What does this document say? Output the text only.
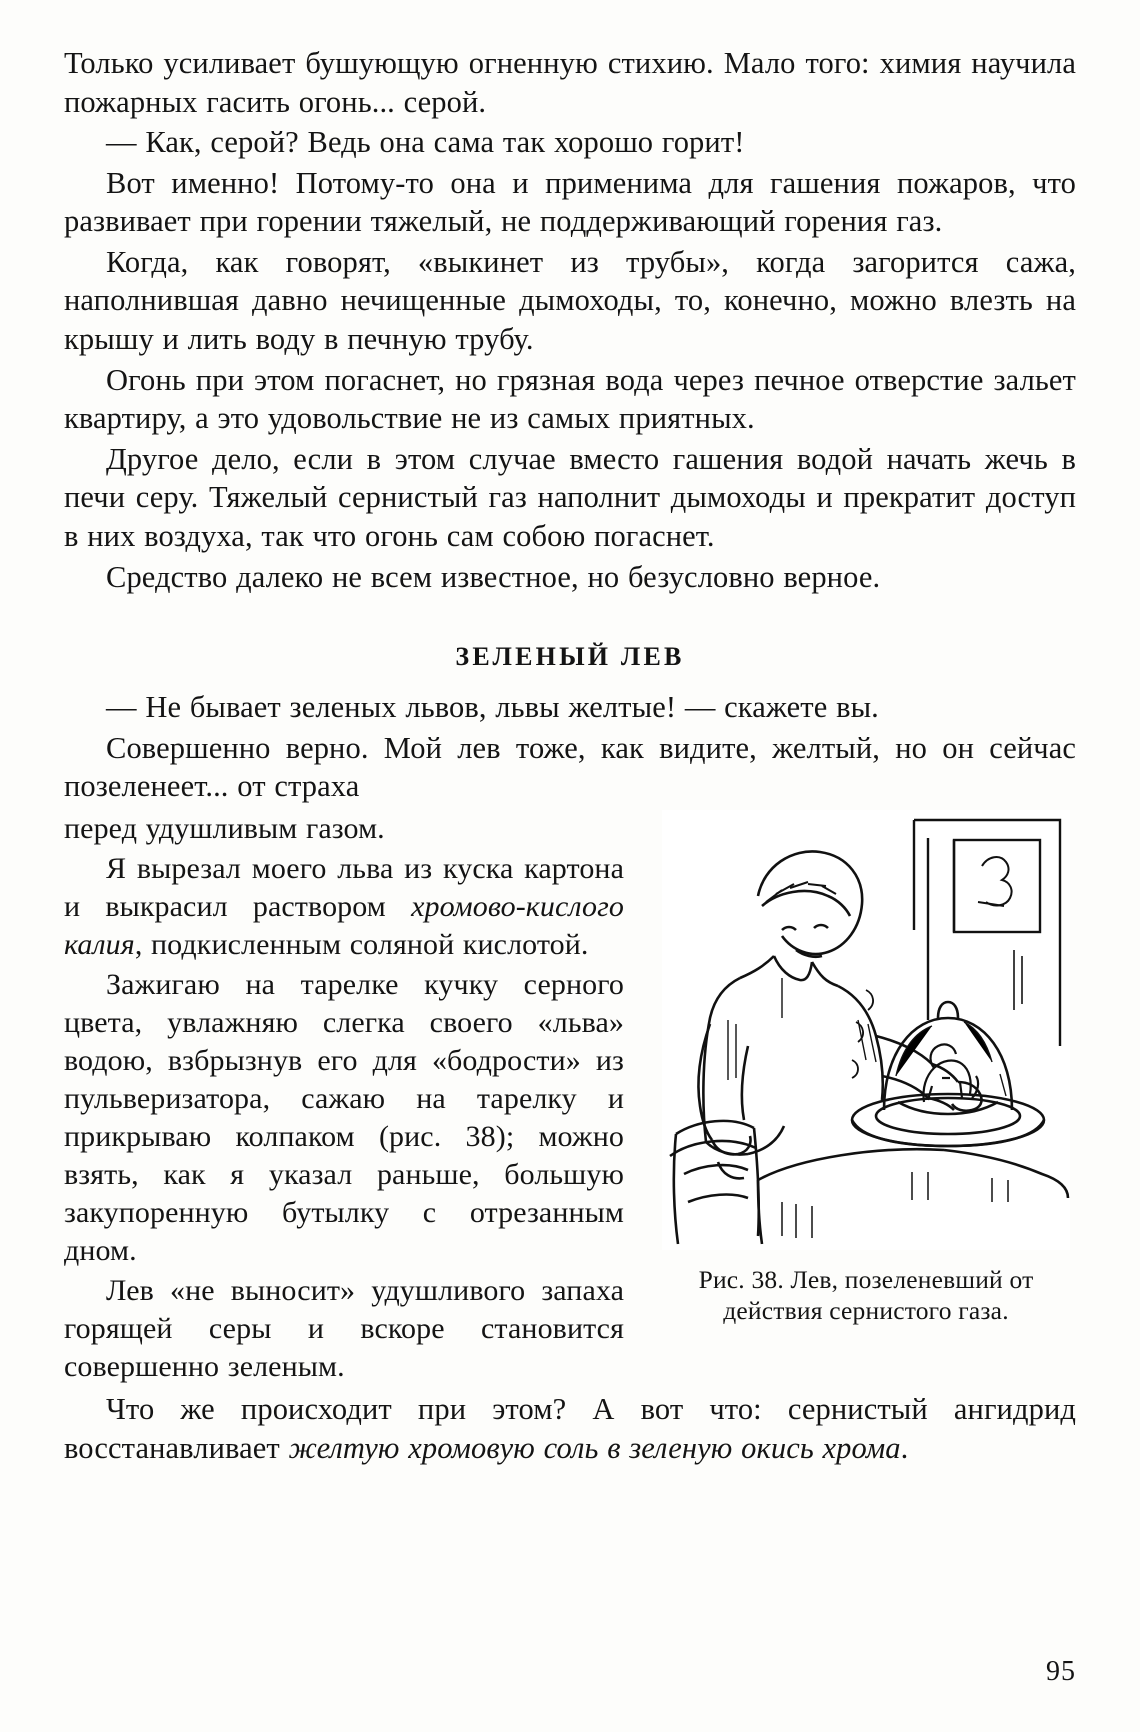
Только усиливает бушующую огненную стихию. Мало того: химия научила пожарных гасить огонь... серой.

— Как, серой? Ведь она сама так хорошо горит!

Вот именно! Потому-то она и применима для гашения пожаров, что развивает при горении тяжелый, не поддерживающий горения газ.

Когда, как говорят, «выкинет из трубы», когда загорится сажа, наполнившая давно нечищенные дымоходы, то, конечно, можно влезть на крышу и лить воду в печную трубу.

Огонь при этом погаснет, но грязная вода через печное отверстие зальет квартиру, а это удовольствие не из самых приятных.

Другое дело, если в этом случае вместо гашения водой начать жечь в печи серу. Тяжелый сернистый газ наполнит дымоходы и прекратит доступ в них воздуха, так что огонь сам собою погаснет.

Средство далеко не всем известное, но безусловно верное.

ЗЕЛЕНЫЙ ЛЕВ

— Не бывает зеленых львов, львы желтые! — скажете вы.

Совершенно верно. Мой лев тоже, как видите, желтый, но он сейчас позеленеет... от страха

Рис. 38. Лев, позеленевший от действия сернистого газа.

перед удушливым газом.

Я вырезал моего льва из куска картона и выкрасил раствором хромово-кислого калия, подкисленным соляной кислотой.

Зажигаю на тарелке кучку серного цвета, увлажняю слегка своего «льва» водою, взбрызнув его для «бодрости» из пульверизатора, сажаю на тарелку и прикрываю колпаком (рис. 38); можно взять, как я указал раньше, большую закупоренную бутылку с отрезанным дном.

Лев «не выносит» удушливого запаха горящей серы и вскоре становится совершенно зеленым.

Что же происходит при этом? А вот что: сернистый ангидрид восстанавливает желтую хромовую соль в зеленую окись хрома.

95
